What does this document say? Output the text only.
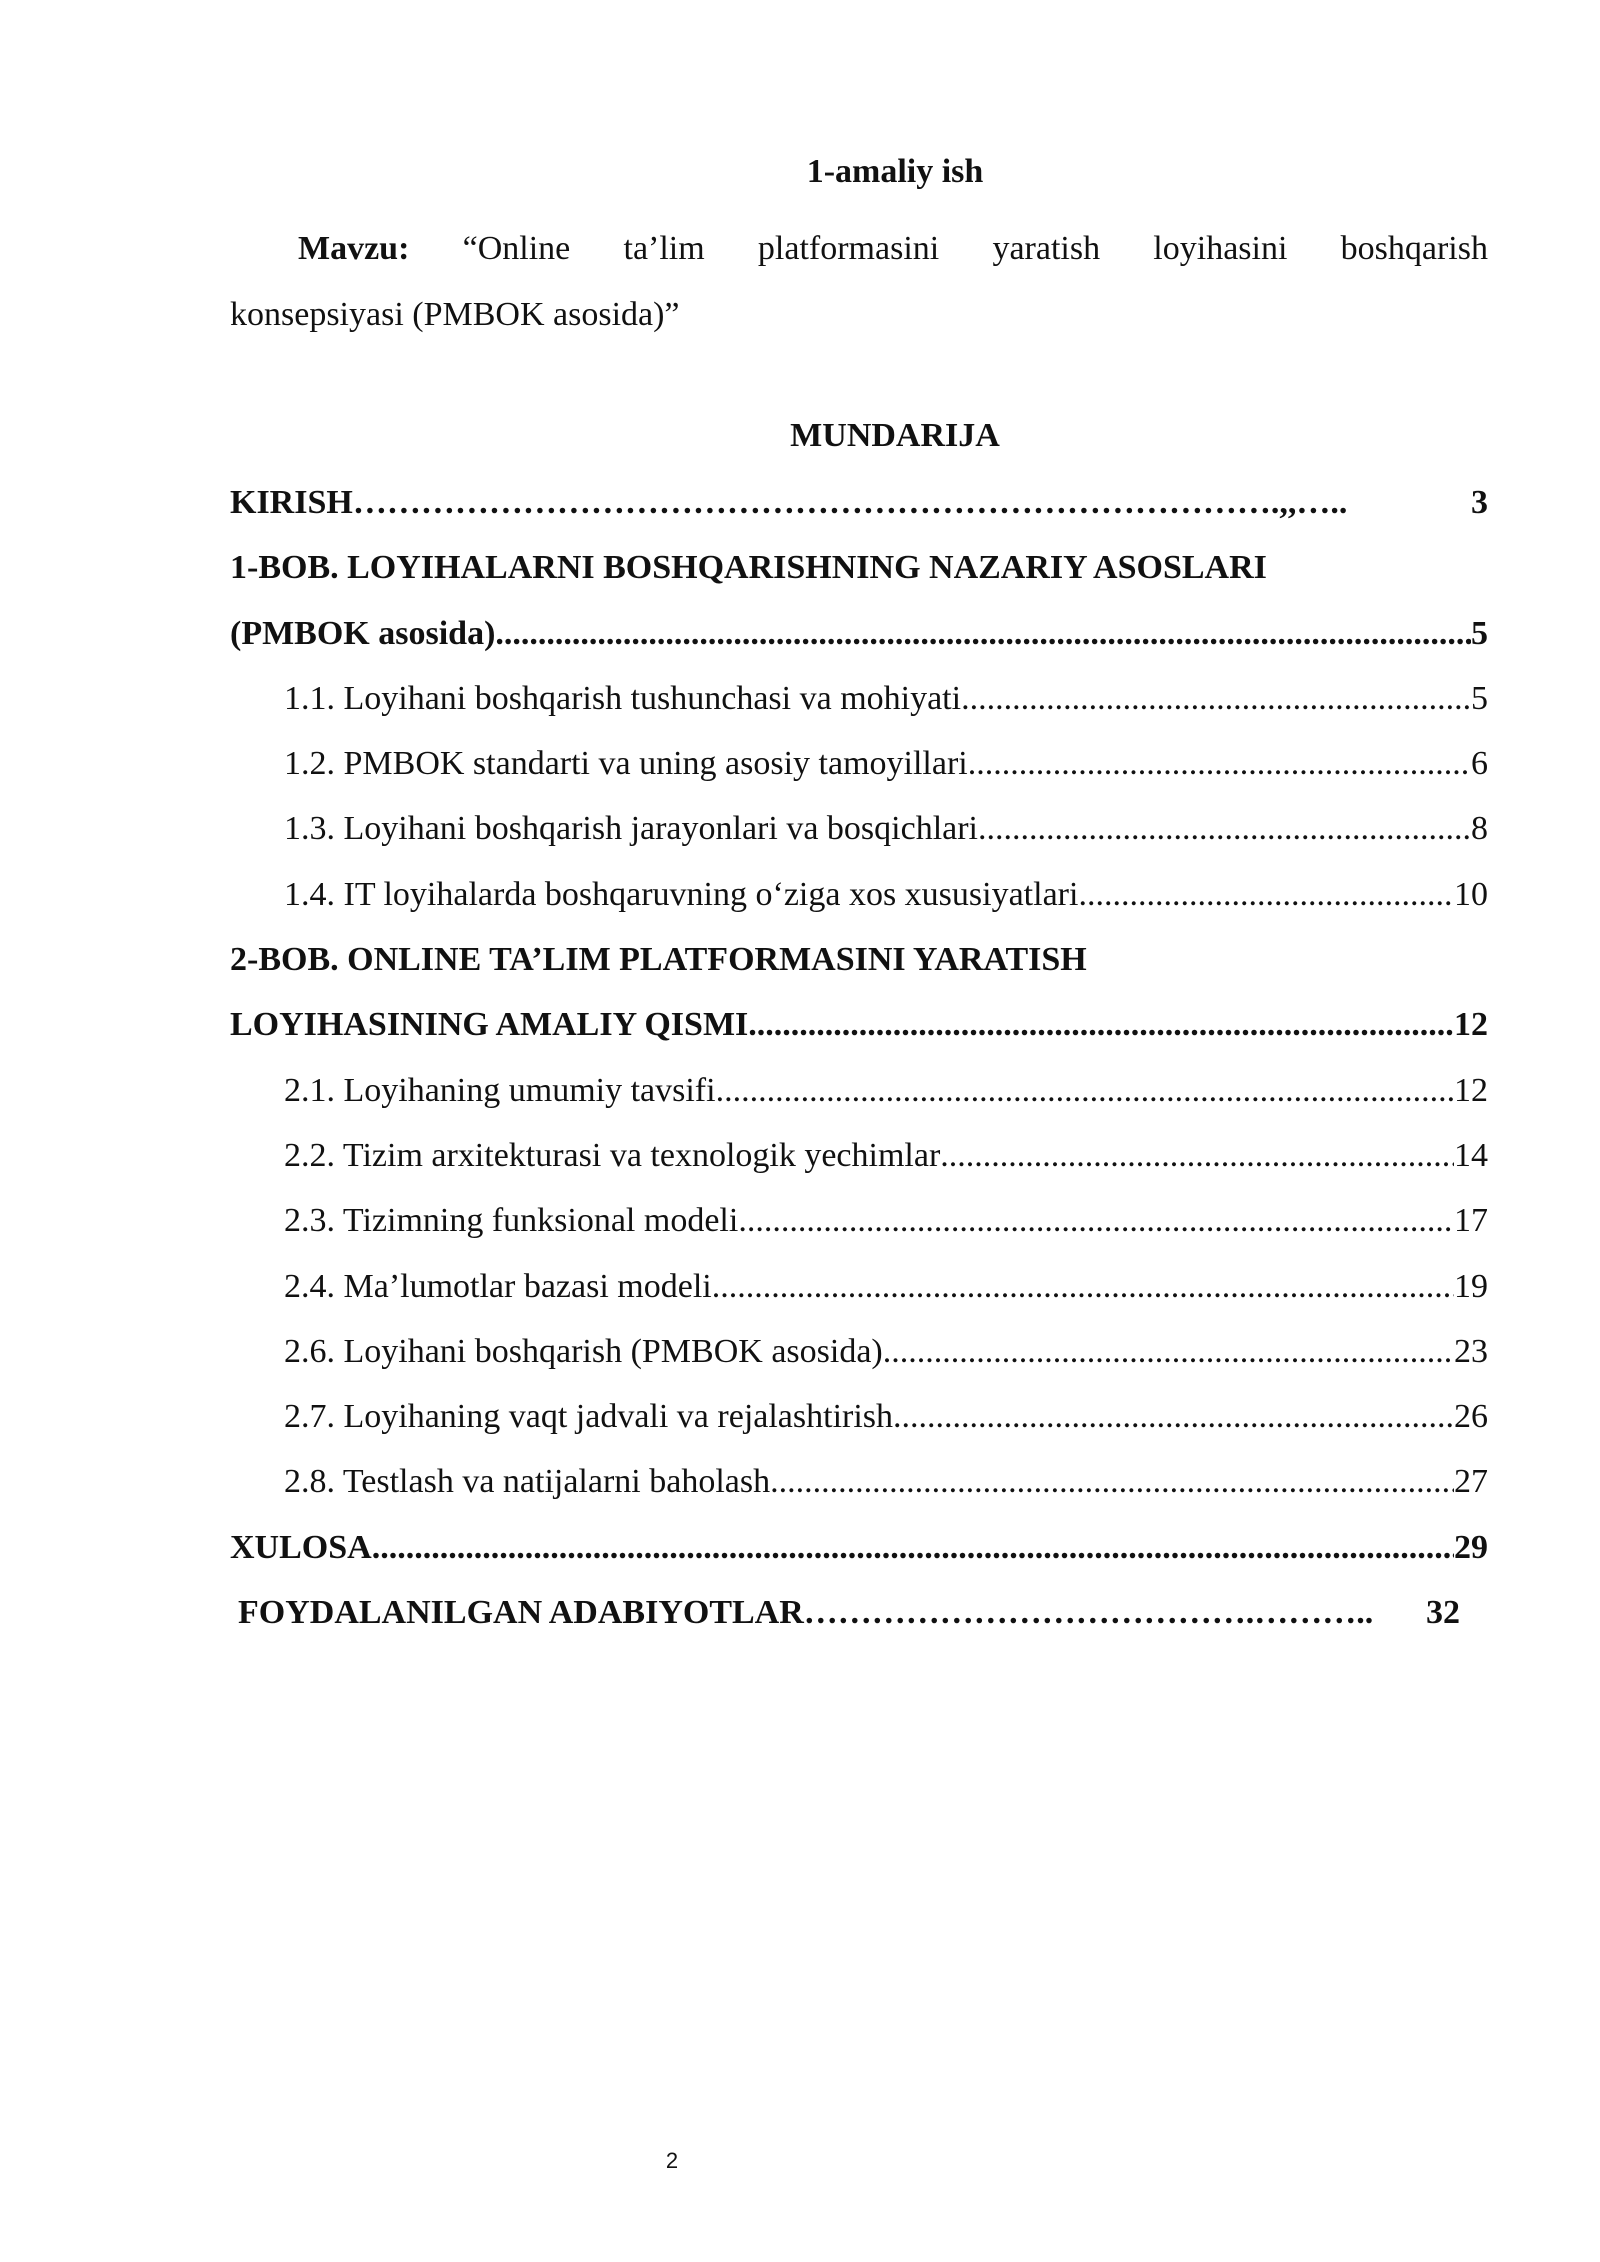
1-amaliy ish
Mavzu: “Online ta’lim platformasini yaratish loyihasini boshqarish
konsepsiyasi (PMBOK asosida)”
MUNDARIJA
KIRISH……………………………………………………………………….,,…..	3
1-BOB. LOYIHALARNI BOSHQARISHNING NAZARIY ASOSLARI
(PMBOK asosida) .....	5
1.1. Loyihani boshqarish tushunchasi va mohiyati .....	5
1.2. PMBOK standarti va uning asosiy tamoyillari .....	6
1.3. Loyihani boshqarish jarayonlari va bosqichlari .....	8
1.4. IT loyihalarda boshqaruvning o‘ziga xos xususiyatlari .....	10
2-BOB. ONLINE TA’LIM PLATFORMASINI YARATISH
LOYIHASINING AMALIY QISMI .....	12
2.1. Loyihaning umumiy tavsifi .....	12
2.2. Tizim arxitekturasi va texnologik yechimlar .....	14
2.3. Tizimning funksional modeli .....	17
2.4. Ma’lumotlar bazasi modeli .....	19
2.6. Loyihani boshqarish (PMBOK asosida) .....	23
2.7. Loyihaning vaqt jadvali va rejalashtirish .....	26
2.8. Testlash va natijalarni baholash .....	27
XULOSA .....	29
FOYDALANILGAN ADABIYOTLAR………………………………….………..	32
2
